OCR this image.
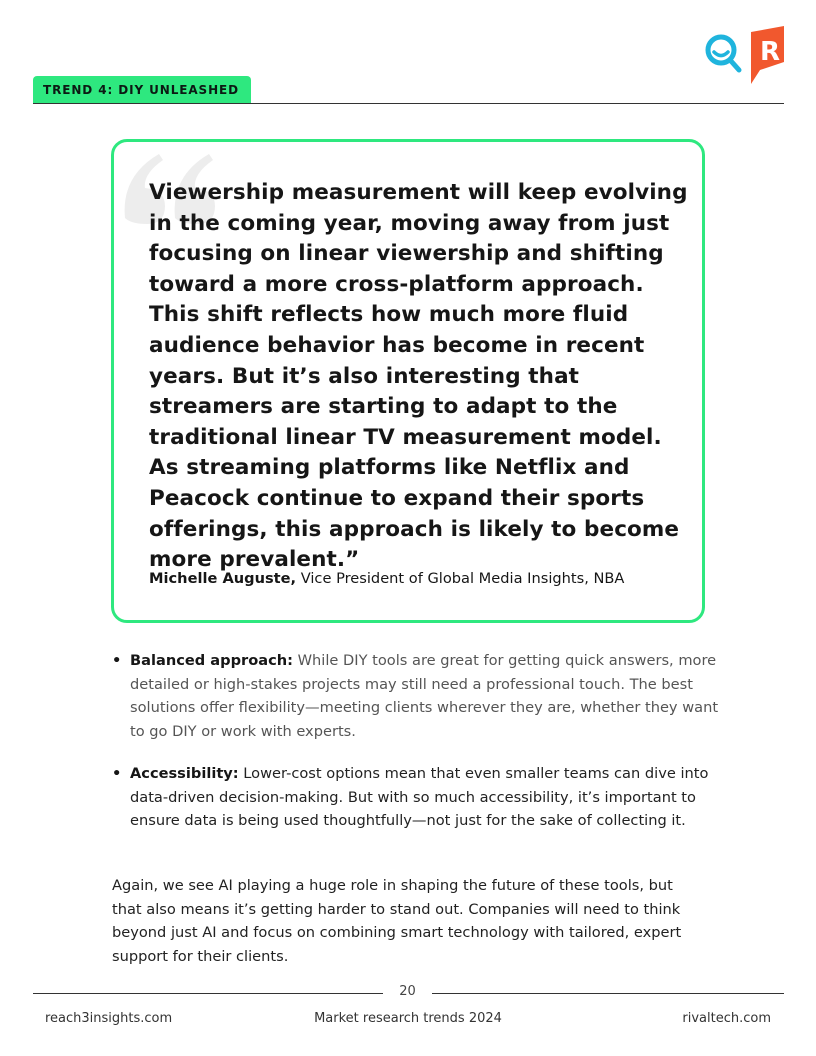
R
TREND 4: DIY UNLEASHED
Viewership measurement will keep evolving in the coming year, moving away from just focusing on linear viewership and shifting toward a more cross-platform approach. This shift reflects how much more fluid audience behavior has become in recent years. But it’s also interesting that streamers are starting to adapt to the traditional linear TV measurement model. As streaming platforms like Netflix and Peacock continue to expand their sports offerings, this approach is likely to become more prevalent.”
Michelle Auguste, Vice President of Global Media Insights, NBA
• Balanced approach: While DIY tools are great for getting quick answers, more detailed or high-stakes projects may still need a professional touch. The best solutions offer flexibility—meeting clients wherever they are, whether they want to go DIY or work with experts.
• Accessibility: Lower-cost options mean that even smaller teams can dive into data-driven decision-making. But with so much accessibility, it’s important to ensure data is being used thoughtfully—not just for the sake of collecting it.
Again, we see AI playing a huge role in shaping the future of these tools, but that also means it’s getting harder to stand out. Companies will need to think beyond just AI and focus on combining smart technology with tailored, expert support for their clients.
20
reach3insights.com	Market research trends 2024	rivaltech.com
